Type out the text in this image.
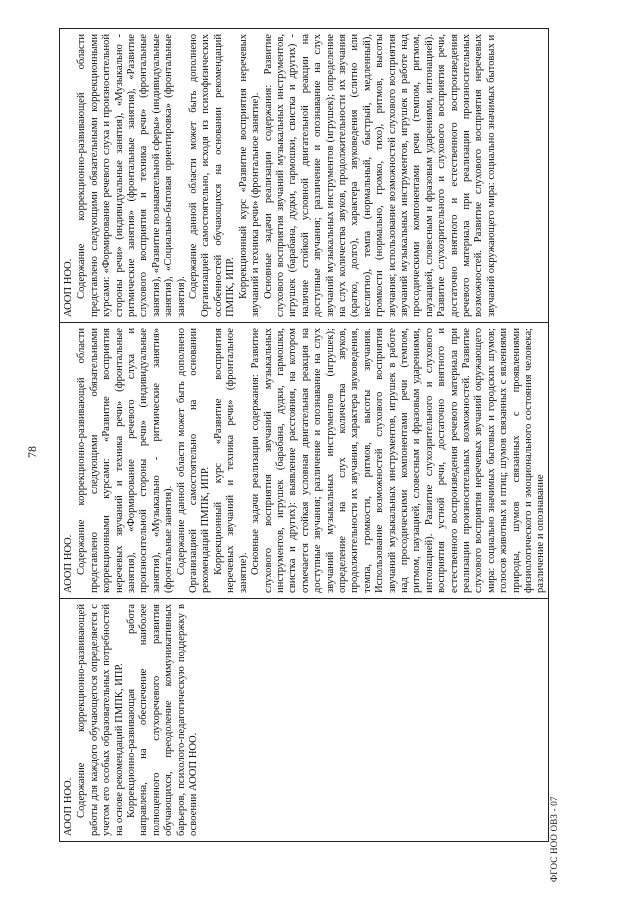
78
АООП НОО. Содержание коррекционно-развивающей работы для каждого обучающегося определяется с учетом его особых образовательных потребностей на основе рекомендаций ПМПК, ИПР. Коррекционно-развивающая работа направлена, на обеспечение наиболее полноценного слухоречевого развития обучающихся, преодоление коммуникативных барьеров, психолого-педагогическую поддержку в освоении АООП НОО.

АООП НОО. Содержание коррекционно-развивающей области представлено следующими обязательными коррекционными курсами: «Развитие восприятия неречевых звучаний и техника речи» (фронтальные занятия), «Формирование речевого слуха и произносительной стороны речи» (индивидуальные занятия), «Музыкально - ритмические занятия» (фронтальные занятия). Содержание данной области может быть дополнено Организацией самостоятельно на основании рекомендаций ПМПК, ИПР. Коррекционный курс «Развитие восприятия неречевых звучаний и техника речи» (фронтальное занятие). Основные задачи реализации содержания: Развитие слухового восприятия звучаний музыкальных инструментов, игрушек (барабана, дудки, гармошки, свистка и других): выявление расстояния, на котором отмечается стойкая условная двигательная реакция на доступные звучания; различение и опознавание на слух звучаний музыкальных инструментов (игрушек); определение на слух количества звуков, продолжительности их звучания, характера звуковедения, темпа, громкости, ритмов, высоты звучания. Использование возможностей слухового восприятия звучаний музыкальных инструментов, игрушек в работе над просодическими компонентами речи (темпом, ритмом, паузацией, словесным и фразовым ударениями, интонацией). Развитие слухозрительного и слухового восприятия устной речи, достаточно внятного и естественного воспроизведения речевого материала при реализации произносительных возможностей. Развитие слухового восприятия неречевых звучаний окружающего мира: социально значимых бытовых и городских шумов; голосов животных и птиц; шумов связанных с явлениями природы, шумов связанных с проявлениями физиологического и эмоционального состояния человека; различение и опознавание

АООП НОО. Содержание коррекционно-развивающей области представлено следующими обязательными коррекционными курсами: «Формирование речевого слуха и произносительной стороны речи» (индивидуальные занятия), «Музыкально - ритмические занятия» (фронтальные занятия), «Развитие слухового восприятия и техника речи» (фронтальные занятия), «Развитие познавательной сферы» (индивидуальные занятия), «Социально-бытовая ориентировка» (фронтальные занятия). Содержание данной области может быть дополнено Организацией самостоятельно, исходя из психофизических особенностей обучающихся на основании рекомендаций ПМПК, ИПР. Коррекционный курс «Развитие восприятия неречевых звучаний и техника речи» (фронтальное занятие). Основные задачи реализации содержания: Развитие слухового восприятия звучаний музыкальных инструментов, игрушек (барабана, дудки, гармошки, свистка и других) - наличие стойкой условной двигательной реакции на доступные звучания; различение и опознавание на слух звучаний музыкальных инструментов (игрушек); определение на слух количества звуков, продолжительности их звучания (кратко, долго), характера звуковедения (слитно или неслитно), темпа (нормальный, быстрый, медленный), громкости (нормально, громко, тихо), ритмов, высоты звучания; использование возможностей слухового восприятия звучаний музыкальных инструментов, игрушек в работе над просодическими компонентами речи (темпом, ритмом, паузацией, словесным и фразовым ударениями, интонацией). Развитие слухозрительного и слухового восприятия речи, достаточно внятного и естественного воспроизведения речевого материала при реализации произносительных возможностей. Развитие слухового восприятия неречевых звучаний окружающего мира: социально значимых бытовых и

ФГОС НОО ОВЗ - 07
